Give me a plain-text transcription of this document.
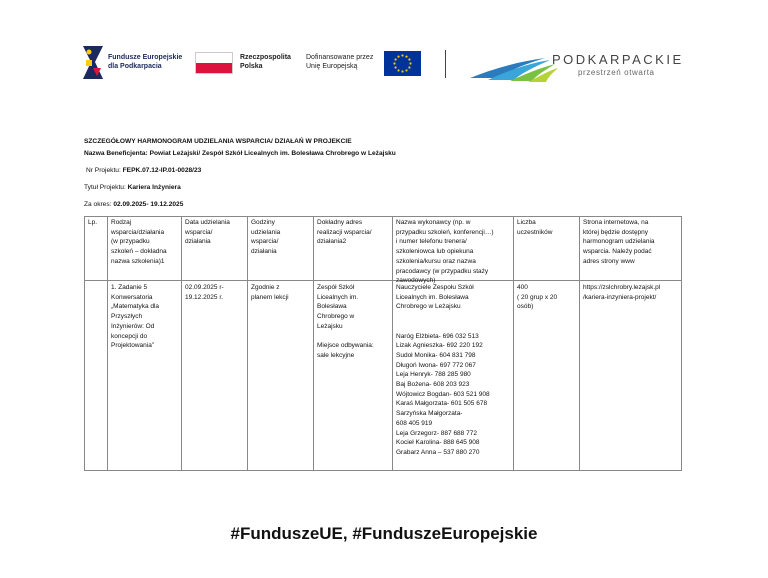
Fundusze Europejskie
dla Podkarpacia
Rzeczpospolita
Polska
Dofinansowane przez
Unię Europejską	PODKARPACKIE
przestrzeń otwarta
SZCZEGÓŁOWY HARMONOGRAM UDZIELANIA WSPARCIA/ DZIAŁAŃ W PROJEKCIE
Nazwa Beneficjenta: Powiat Leżajski/ Zespół Szkół Licealnych im. Bolesława Chrobrego w Leżajsku
Nr Projektu: FEPK.07.12-IP.01-0028/23
Tytuł Projektu: Kariera Inżyniera
Za okres: 02.09.2025- 19.12.2025
Lp. Rodzaj
wsparcia/działania
(w przypadku
szkoleń – dokładna
nazwa szkolenia)1
Data udzielania
wsparcia/
działania
Godziny
udzielania
wsparcia/
działania
Dokładny adres
realizacji wsparcia/
działania2
Nazwa wykonawcy (np. w
przypadku szkoleń, konferencji…)
i numer telefonu trenera/
szkoleniowca lub opiekuna
szkolenia/kursu oraz nazwa
pracodawcy (w przypadku staży
zawodowych)
Liczba
uczestników
Strona internetowa, na
której będzie dostępny
harmonogram udzielania
wsparcia. Należy podać
adres strony www
1. Zadanie 5
Konwersatoria
„Matematyka dla
Przyszłych
Inżynierów: Od
koncepcji do
Projektowania”
02.09.2025 r-
19.12.2025 r.
Zgodnie z
planem lekcji
Zespół Szkół
Licealnych im.
Bolesława
Chrobrego w
Leżajsku

Miejsce odbywania:
sale lekcyjne
Nauczyciele Zespołu Szkół
Licealnych im. Bolesława
Chrobrego w Leżajsku

Naróg Elżbieta- 696 032 513
Lizak Agnieszka- 692 220 192
Sudoł Monika- 604 831 798
Długoń Iwona- 697 772 067
Leja Henryk- 788 285 980
Baj Bożena- 608 203 923
Wójtowicz Bogdan- 603 521 908
Karaś Małgorzata- 601 505 678
Sarzyńska Małgorzata-
608 405 919
Leja Grzegorz- 887 688 772
Kocieł Karolina- 888 645 908
Grabarz Anna – 537 880 270
400
( 20 grup x 20
osób)
https://zslchrobry.lezajsk.pl
/kariera-inzyniera-projekt/
#FunduszeUE, #FunduszeEuropejskie
